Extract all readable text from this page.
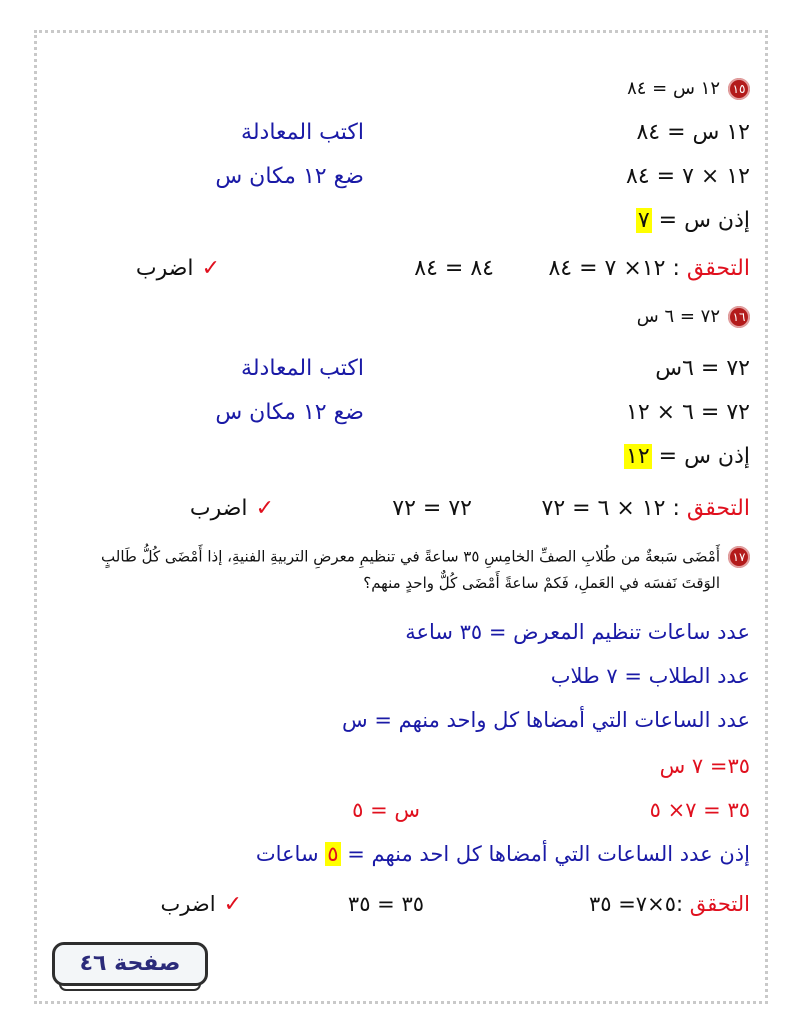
١٥١٢ س = ٨٤
١٢ س = ٨٤
اكتب المعادلة
١٢ × ٧ = ٨٤
ضع ١٢ مكان س
إذن س = ٧
التحقق : ١٢× ٧ = ٨٤
٨٤ = ٨٤
✓اضرب
١٦٧٢ = ٦ س
٧٢ = ٦س
اكتب المعادلة
٧٢ = ٦ × ١٢
ضع ١٢ مكان س
إذن س = ١٢
التحقق : ١٢ × ٦ = ٧٢
٧٢ = ٧٢
✓اضرب
١٧أَمْضَى سَبعةٌ من طُلابِ الصفِّ الخامِسِ ٣٥ ساعةً في تنظيمِ معرضِ التربيةِ الفنيةِ، إذا أَمْضَى كُلُّ طَالبٍ
الوَقتَ نَفسَه في العَملِ، فَكمْ ساعةً أَمْضَى كُلٌّ واحدٍ منهم؟
عدد ساعات تنظيم المعرض = ٣٥ ساعة
عدد الطلاب = ٧ طلاب
عدد الساعات التي أمضاها كل واحد منهم = س
٣٥= ٧ س
٣٥ = ٧× ٥
س = ٥
إذن عدد الساعات التي أمضاها كل احد منهم = ٥ ساعات
التحقق :٥×٧= ٣٥
٣٥ = ٣٥
✓اضرب
صفحة ٤٦
